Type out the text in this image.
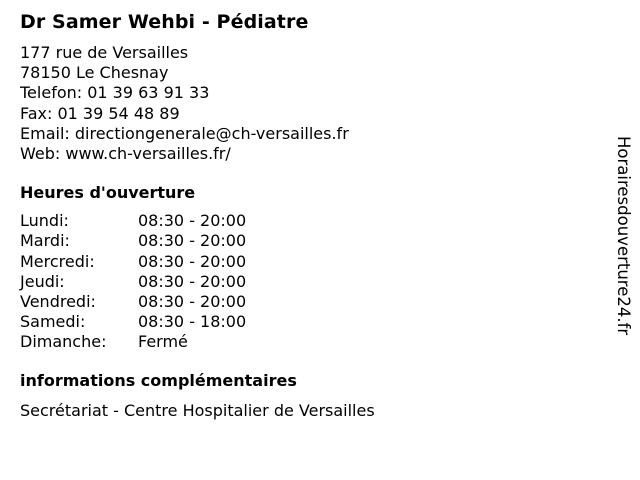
Dr Samer Wehbi - Pédiatre
177 rue de Versailles
78150 Le Chesnay
Telefon: 01 39 63 91 33
Fax: 01 39 54 48 89
Email: directiongenerale@ch-versailles.fr
Web: www.ch-versailles.fr/
Heures d'ouverture
Lundi:	08:30 - 20:00
Mardi:	08:30 - 20:00
Mercredi:	08:30 - 20:00
Jeudi:	08:30 - 20:00
Vendredi:	08:30 - 20:00
Samedi:	08:30 - 18:00
Dimanche:	Fermé
informations complémentaires
Secrétariat - Centre Hospitalier de Versailles
Horairesdouverture24.fr
